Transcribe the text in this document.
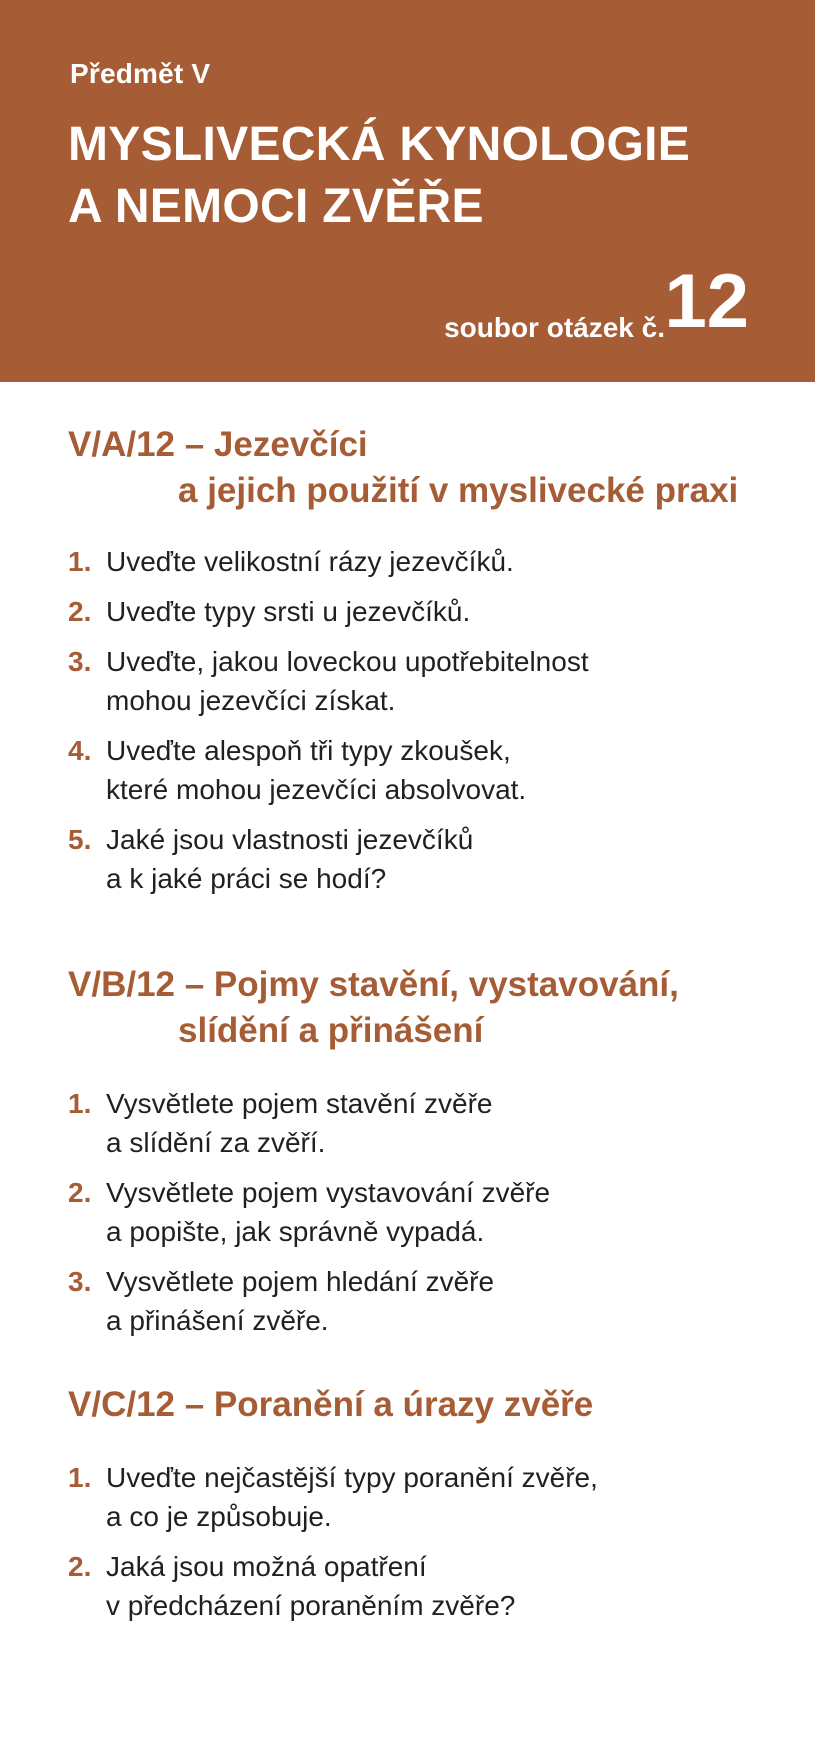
Předmět V
MYSLIVECKÁ KYNOLOGIE
A NEMOCI ZVĚŘE
soubor otázek č. 12
V/A/12 – Jezevčíci
a jejich použití v myslivecké praxi
1. Uveďte velikostní rázy jezevčíků.
2. Uveďte typy srsti u jezevčíků.
3. Uveďte, jakou loveckou upotřebitelnost
mohou jezevčíci získat.
4. Uveďte alespoň tři typy zkoušek,
které mohou jezevčíci absolvovat.
5. Jaké jsou vlastnosti jezevčíků
a k jaké práci se hodí?
V/B/12 – Pojmy stavění, vystavování,
slídění a přinášení
1. Vysvětlete pojem stavění zvěře
a slídění za zvěří.
2. Vysvětlete pojem vystavování zvěře
a popište, jak správně vypadá.
3. Vysvětlete pojem hledání zvěře
a přinášení zvěře.
V/C/12 – Poranění a úrazy zvěře
1. Uveďte nejčastější typy poranění zvěře,
a co je způsobuje.
2. Jaká jsou možná opatření
v předcházení poraněním zvěře?
